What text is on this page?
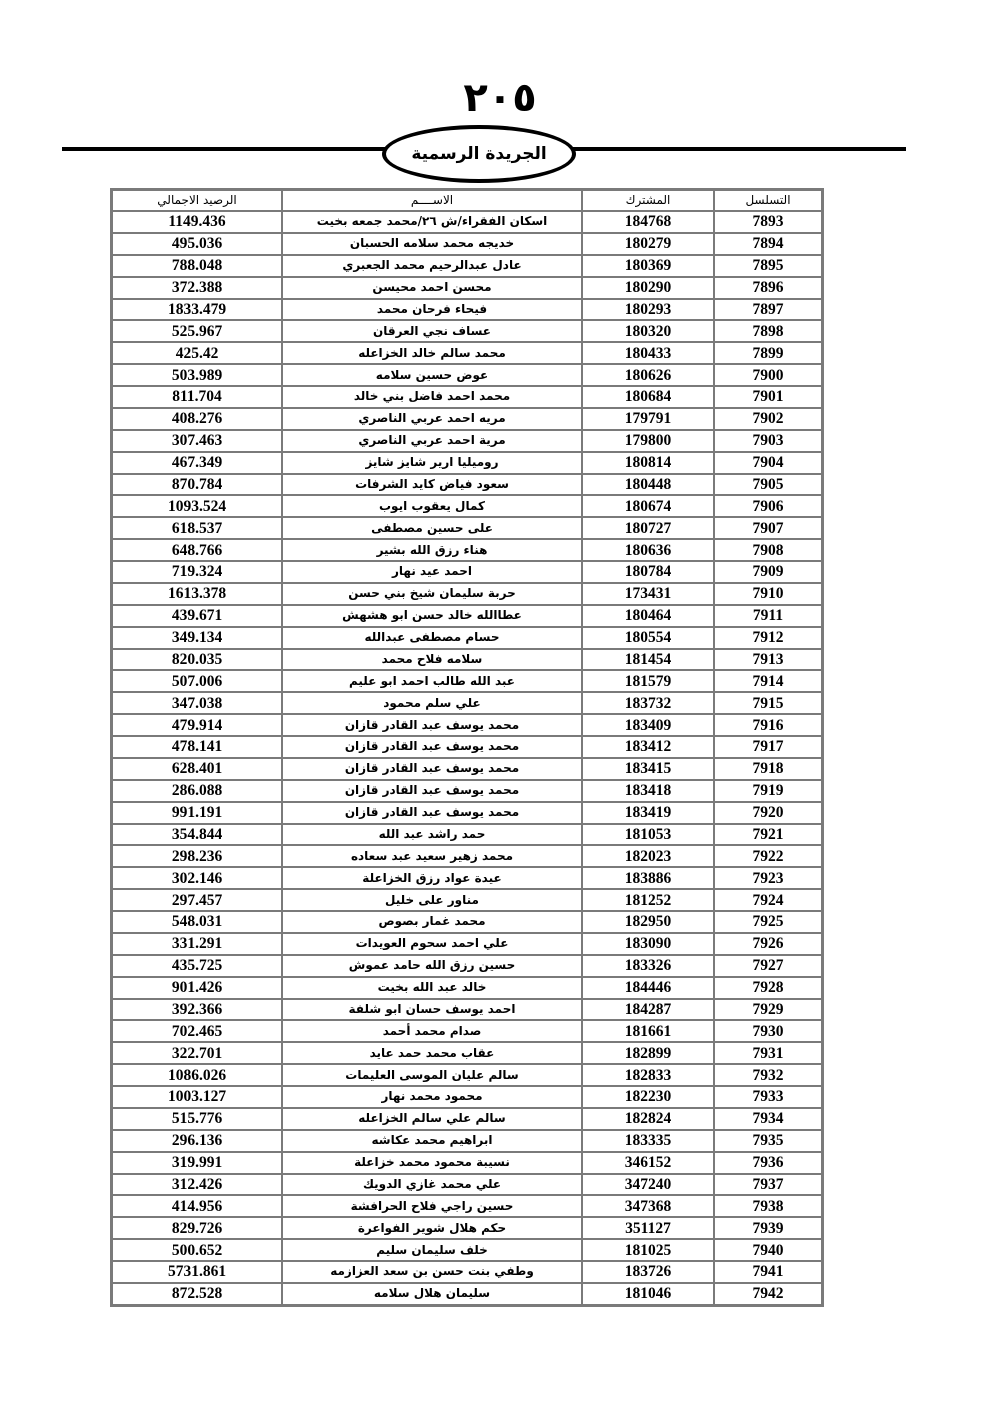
٢٠٥
الجريدة الرسمية
التسلسل	المشترك	الاســــم	الرصيد الاجمالي
7893	184768	اسكان الفقراء/ش ٢٦/محمد جمعه بخيت	1149.436
7894	180279	خديجه محمد سلامه الحسبان	495.036
7895	180369	عادل عبدالرحيم محمد الجعبري	788.048
7896	180290	محسن احمد محيسن	372.388
7897	180293	فيحاء فرحان محمد	1833.479
7898	180320	عساف نجي العرقان	525.967
7899	180433	محمد سالم خالد الخزاعله	425.42
7900	180626	عوض حسين سلامه	503.989
7901	180684	محمد احمد فاضل بني خالد	811.704
7902	179791	مريه احمد عربي الناصري	408.276
7903	179800	مرية احمد عربي الناصري	307.463
7904	180814	روميليا ارير شايز شايز	467.349
7905	180448	سعود فياض كايد الشرفات	870.784
7906	180674	كمال يعقوب ايوب	1093.524
7907	180727	على حسين مصطفى	618.537
7908	180636	هناء رزق الله بشير	648.766
7909	180784	احمد عيد نهار	719.324
7910	173431	حربة سليمان شيخ بني حسن	1613.378
7911	180464	عطاالله خالد حسن ابو هشهش	439.671
7912	180554	حسام مصطفى عبدالله	349.134
7913	181454	سلامه فلاح محمد	820.035
7914	181579	عبد الله طالب احمد ابو عليم	507.006
7915	183732	علي سلم محمود	347.038
7916	183409	محمد يوسف عبد القادر قازان	479.914
7917	183412	محمد يوسف عبد القادر قازان	478.141
7918	183415	محمد يوسف عبد القادر قازان	628.401
7919	183418	محمد يوسف عبد القادر قازان	286.088
7920	183419	محمد يوسف عبد القادر قازان	991.191
7921	181053	حمد راشد عبد الله	354.844
7922	182023	محمد زهير سعيد عبد سعاده	298.236
7923	183886	عيدة عواد رزق الخزاعلة	302.146
7924	181252	مناور على خليل	297.457
7925	182950	محمد غمار بصوص	548.031
7926	183090	علي احمد سحوم العويدات	331.291
7927	183326	حسين رزق الله حامد عموش	435.725
7928	184446	خالد عبد الله بخيت	901.426
7929	184287	احمد يوسف حسان ابو شلفة	392.366
7930	181661	صدام محمد أحمد	702.465
7931	182899	عقاب محمد حمد عايد	322.701
7932	182833	سالم عليان الموسى العليمات	1086.026
7933	182230	محمود محمد نهار	1003.127
7934	182824	سالم علي سالم الخزاعله	515.776
7935	183335	ابراهيم محمد عكاشه	296.136
7936	346152	نسيبة محمود محمد خزاعلة	319.991
7937	347240	علي محمد غازي الدويك	312.426
7938	347368	حسين راجي فلاح الحرافشة	414.956
7939	351127	حكم هلال شوير الفواعرة	829.726
7940	181025	خلف سليمان سليم	500.652
7941	183726	وطفي بنت حسن بن سعد العزازمه	5731.861
7942	181046	سليمان هلال سلامه	872.528
